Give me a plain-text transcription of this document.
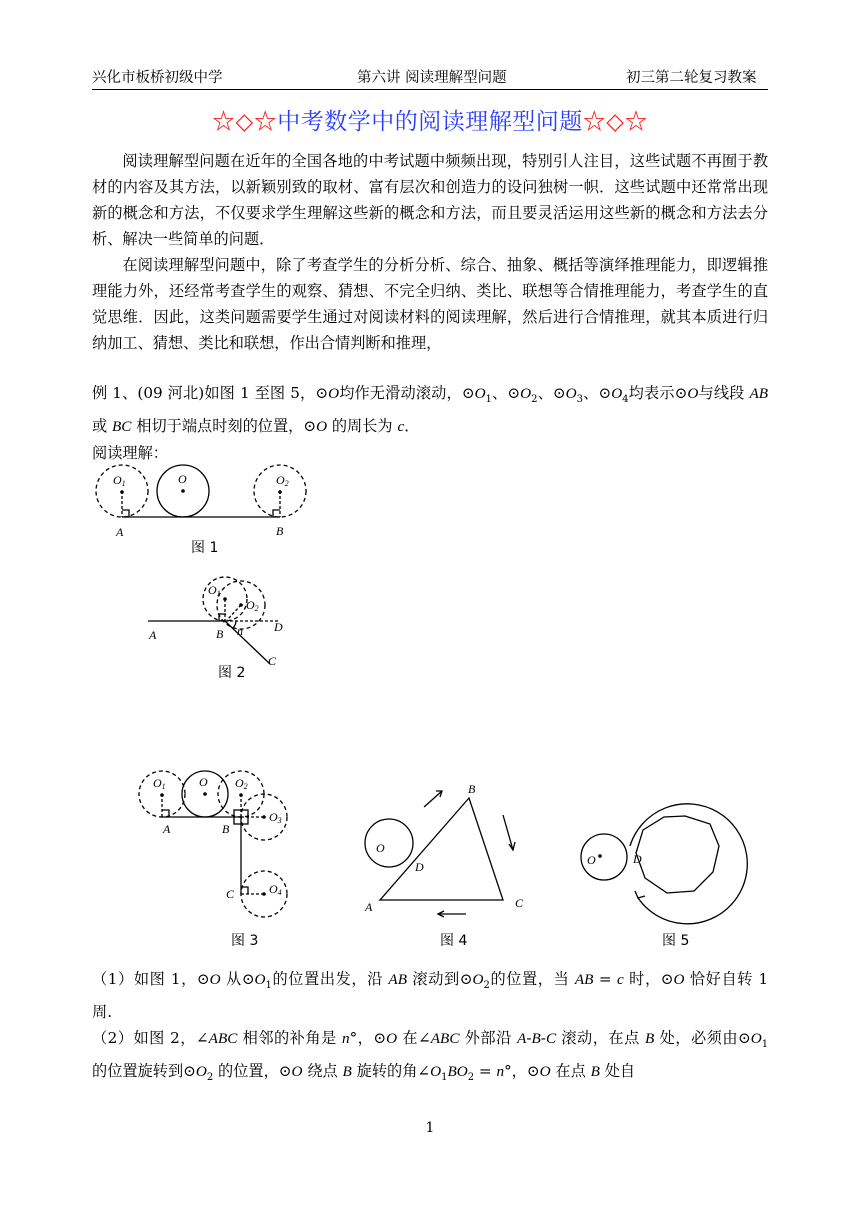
兴化市板桥初级中学	第六讲 阅读理解型问题	初三第二轮复习教案
☆◇☆中考数学中的阅读理解型问题☆◇☆

阅读理解型问题在近年的全国各地的中考试题中频频出现，特别引人注目，这些试题不再囿于教材的内容及其方法，以新颖别致的取材、富有层次和创造力的设问独树一帜．这些试题中还常常出现新的概念和方法，不仅要求学生理解这些新的概念和方法，而且要灵活运用这些新的概念和方法去分析、解决一些简单的问题．

在阅读理解型问题中，除了考查学生的分析分析、综合、抽象、概括等演绎推理能力，即逻辑推理能力外，还经常考查学生的观察、猜想、不完全归纳、类比、联想等合情推理能力，考查学生的直觉思维．因此，这类问题需要学生通过对阅读材料的阅读理解，然后进行合情推理，就其本质进行归纳加工、猜想、类比和联想，作出合情判断和推理，

例 1、(09 河北)如图 1 至图 5，⊙O均作无滑动滚动，$⊙O_1$、$⊙O_2$、$⊙O_3$、$⊙O_4$均表示⊙O与线段 AB 或 BC 相切于端点时刻的位置，⊙O 的周长为 c．

阅读理解：

O1	O	O2
A	B
图 1
O1
O2
A	B n	D
C
图 2
O1	O O2
O3
O4
A	B
C
图 3
B
O
D
A	C
图 4
O	D
图 5

（1）如图 1，⊙O 从$⊙O_1$的位置出发，沿 AB 滚动到$⊙O_2$的位置，当 AB = c 时，⊙O 恰好自转 1 周.

（2）如图 2，∠ABC 相邻的补角是 n°，⊙O 在∠ABC 外部沿 A-B-C 滚动，在点 B 处，必须由$⊙O_1$ 的位置旋转到$⊙O_2$ 的位置，⊙O 绕点 B 旋转的角$\angle O_1BO_2 = n^\circ$，⊙O 在点 B 处自

1
